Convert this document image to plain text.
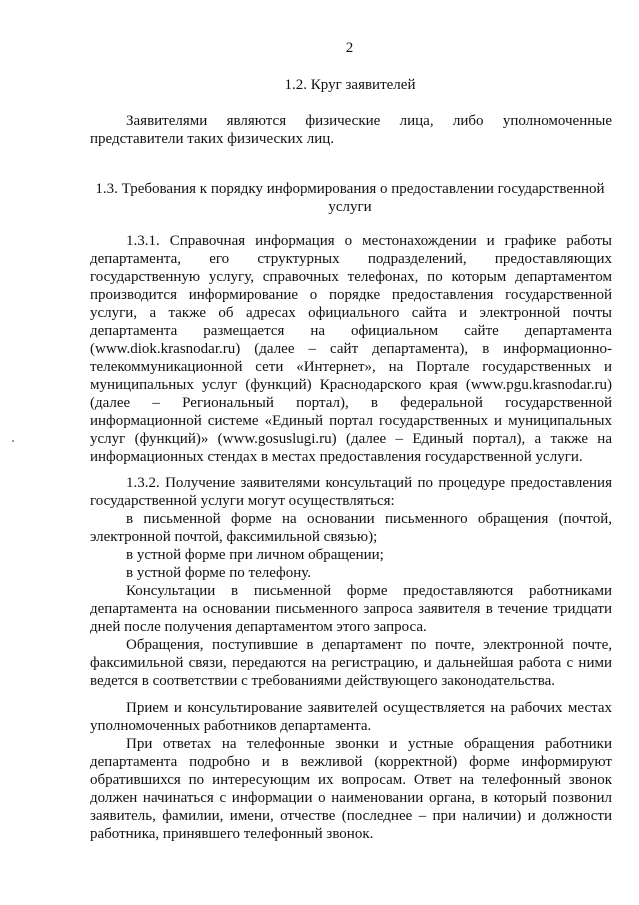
2
1.2. Круг заявителей

Заявителями являются физические лица, либо уполномоченные представители таких физических лиц.

1.3. Требования к порядку информирования о предоставлении государственной услуги

1.3.1. Справочная информация о местонахождении и графике работы департамента, его структурных подразделений, предоставляющих государственную услугу, справочных телефонах, по которым департаментом производится информирование о порядке предоставления государственной услуги, а также об адресах официального сайта и электронной почты департамента размещается на официальном сайте департамента (www.diok.krasnodar.ru) (далее – сайт департамента), в информационно-телекоммуникационной сети «Интернет», на Портале государственных и муниципальных услуг (функций) Краснодарского края (www.pgu.krasnodar.ru) (далее – Региональный портал), в федеральной государственной информационной системе «Единый портал государственных и муниципальных услуг (функций)» (www.gosuslugi.ru) (далее – Единый портал), а также на информационных стендах в местах предоставления государственной услуги.

1.3.2. Получение заявителями консультаций по процедуре предоставления государственной услуги могут осуществляться:

в письменной форме на основании письменного обращения (почтой, электронной почтой, факсимильной связью);

в устной форме при личном обращении;

в устной форме по телефону.

Консультации в письменной форме предоставляются работниками департамента на основании письменного запроса заявителя в течение тридцати дней после получения департаментом этого запроса.

Обращения, поступившие в департамент по почте, электронной почте, факсимильной связи, передаются на регистрацию, и дальнейшая работа с ними ведется в соответствии с требованиями действующего законодательства.

Прием и консультирование заявителей осуществляется на рабочих местах уполномоченных работников департамента.

При ответах на телефонные звонки и устные обращения работники департамента подробно и в вежливой (корректной) форме информируют обратившихся по интересующим их вопросам. Ответ на телефонный звонок должен начинаться с информации о наименовании органа, в который позвонил заявитель, фамилии, имени, отчестве (последнее – при наличии) и должности работника, принявшего телефонный звонок.
